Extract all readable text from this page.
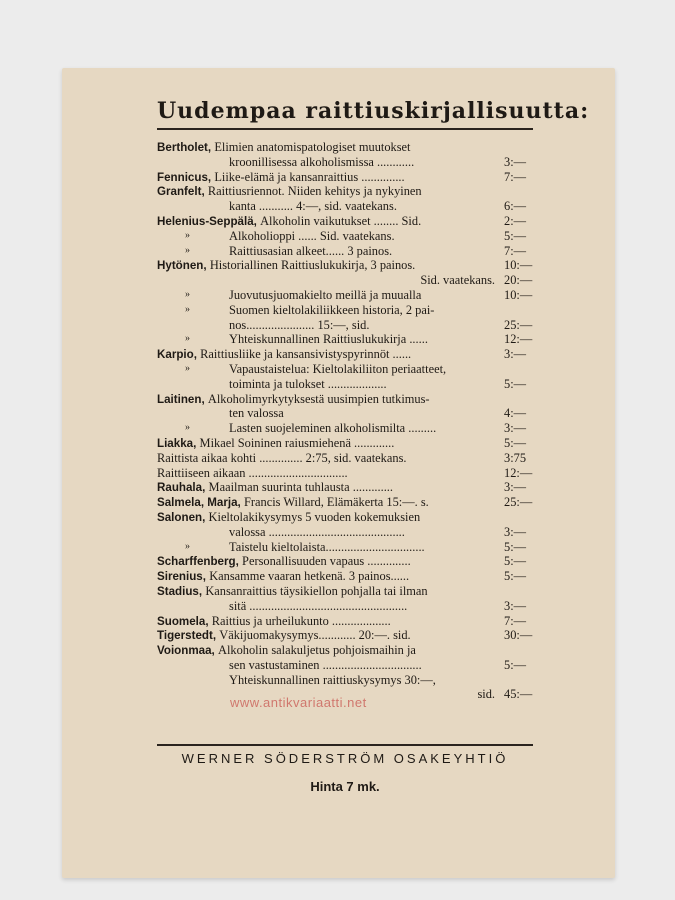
Uudempaa raittiuskirjallisuutta:
Bertholet, Elimien anatomispatologiset muutokset
kroonillisessa alkoholismissa ............	3:—
Fennicus, Liike-elämä ja kansanraittius ..............	7:—
Granfelt, Raittiusriennot. Niiden kehitys ja nykyinen
kanta ........... 4:—, sid. vaatekans.	6:—
Helenius-Seppälä, Alkoholin vaikutukset ........ Sid.	2:—
»	Alkoholioppi ...... Sid. vaatekans.	5:—
»	Raittiusasian alkeet...... 3 painos.	7:—
Hytönen, Historiallinen Raittiuslukukirja, 3 painos.	10:—
Sid. vaatekans. 20:—
»	Juovutusjuomakielto meillä ja muualla	10:—
»	Suomen kieltolakiliikkeen historia, 2 pai-
nos...................... 15:—, sid.	25:—
»	Yhteiskunnallinen Raittiuslukukirja ......	12:—
Karpio, Raittiusliike ja kansansivistyspyrinnöt ......	3:—
»	Vapaustaistelua: Kieltolakiliiton periaatteet,
toiminta ja tulokset ...................	5:—
Laitinen, Alkoholimyrkytyksestä uusimpien tutkimus-
ten valossa	4:—
»	Lasten suojeleminen alkoholismilta .........	3:—
Liakka, Mikael Soininen raiusmiehenä .............	5:—
Raittista aikaa kohti .............. 2:75, sid. vaatekans.	3:75
Raittiiseen aikaan ................................	12:—
Rauhala, Maailman suurinta tuhlausta .............	3:—
Salmela, Marja, Francis Willard, Elämäkerta 15:—. s.	25:—
Salonen, Kieltolakikysymys 5 vuoden kokemuksien
valossa ............................................	3:—
»	Taistelu kieltolaista................................	5:—
Scharffenberg, Personallisuuden vapaus ..............	5:—
Sirenius, Kansamme vaaran hetkenä. 3 painos......	5:—
Stadius, Kansanraittius täysikiellon pohjalla tai ilman
sitä ...................................................	3:—
Suomela, Raittius ja urheilukunto ...................	7:—
Tigerstedt, Väkijuomakysymys............ 20:—. sid.	30:—
Voionmaa, Alkoholin salakuljetus pohjoismaihin ja
sen vastustaminen ................................	5:—
Yhteiskunnallinen raittiuskysymys 30:—,
sid. 45:—
WERNER SÖDERSTRÖM OSAKEYHTIÖ
Hinta 7 mk.
www.antikvariaatti.net
